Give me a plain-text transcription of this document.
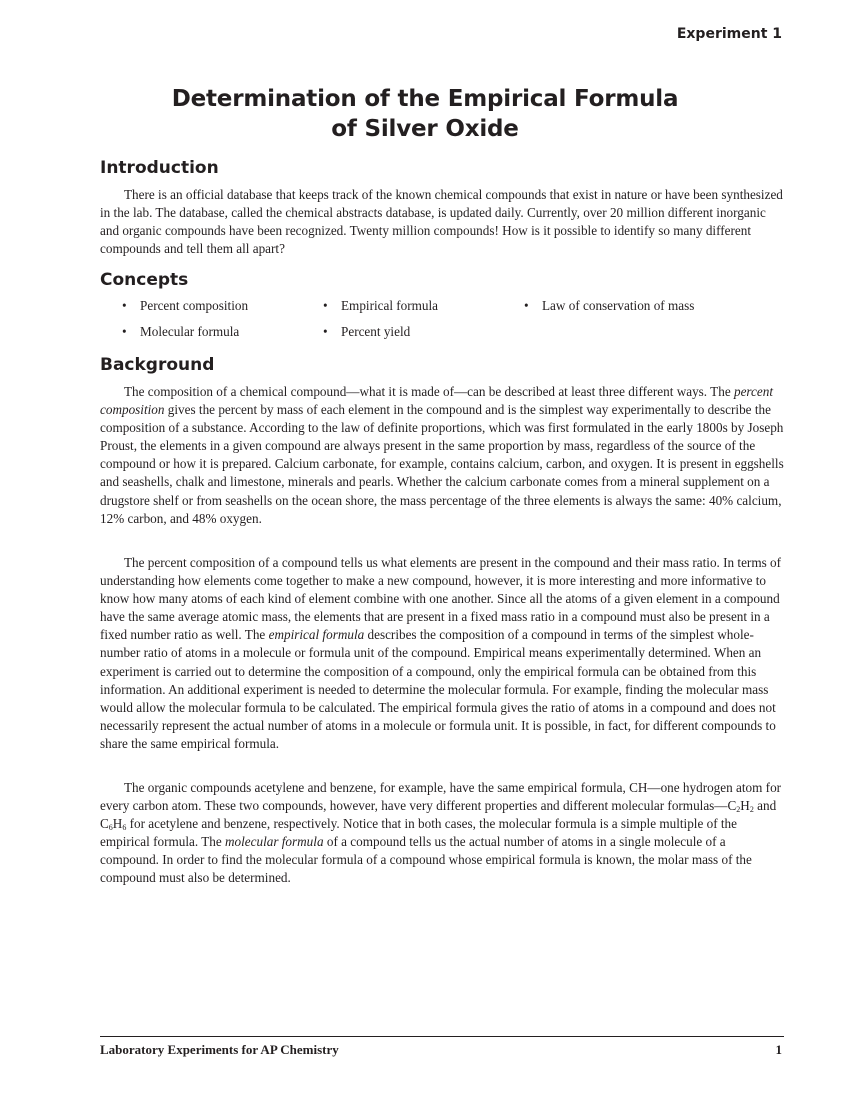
Experiment 1
Determination of the Empirical Formula
of Silver Oxide
Introduction

There is an official database that keeps track of the known chemical compounds that exist in nature or have been synthesized in the lab. The database, called the chemical abstracts database, is updated daily. Currently, over 20 million different inorganic and organic compounds have been recognized. Twenty million compounds! How is it possible to identify so many different compounds and tell them all apart?

Concepts
• Percent composition	• Empirical formula	• Law of conservation of mass
• Molecular formula	• Percent yield
Background

The composition of a chemical compound—what it is made of—can be described at least three different ways. The percent composition gives the percent by mass of each element in the compound and is the simplest way experimentally to describe the composition of a substance. According to the law of definite proportions, which was first formulated in the early 1800s by Joseph Proust, the elements in a given compound are always present in the same proportion by mass, regardless of the source of the compound or how it is prepared. Calcium carbonate, for example, contains calcium, carbon, and oxygen. It is present in eggshells and seashells, chalk and limestone, minerals and pearls. Whether the calcium carbonate comes from a mineral supplement on a drugstore shelf or from seashells on the ocean shore, the mass percentage of the three elements is always the same: 40% calcium, 12% carbon, and 48% oxygen.

The percent composition of a compound tells us what elements are present in the compound and their mass ratio. In terms of understanding how elements come together to make a new compound, however, it is more interesting and more informative to know how many atoms of each kind of element combine with one another. Since all the atoms of a given element in a compound have the same average atomic mass, the elements that are present in a fixed mass ratio in a compound must also be present in a fixed number ratio as well. The empirical formula describes the composition of a compound in terms of the simplest whole-number ratio of atoms in a molecule or formula unit of the compound. Empirical means experimentally determined. When an experiment is carried out to determine the composition of a compound, only the empirical formula can be obtained from this information. An additional experiment is needed to determine the molecular formula. For example, finding the molecular mass would allow the molecular formula to be calculated. The empirical formula gives the ratio of atoms in a compound and does not necessarily represent the actual number of atoms in a molecule or formula unit. It is possible, in fact, for different compounds to share the same empirical formula.

The organic compounds acetylene and benzene, for example, have the same empirical formula, CH—one hydrogen atom for every carbon atom. These two compounds, however, have very different properties and different molecular $formulas—C_2H_2$ and $C_6H_6$ for acetylene and benzene, respectively. Notice that in both cases, the molecular formula is a simple multiple of the empirical formula. The molecular formula of a compound tells us the actual number of atoms in a single molecule of a compound. In order to find the molecular formula of a compound whose empirical formula is known, the molar mass of the compound must also be determined.

Laboratory Experiments for AP Chemistry	1
